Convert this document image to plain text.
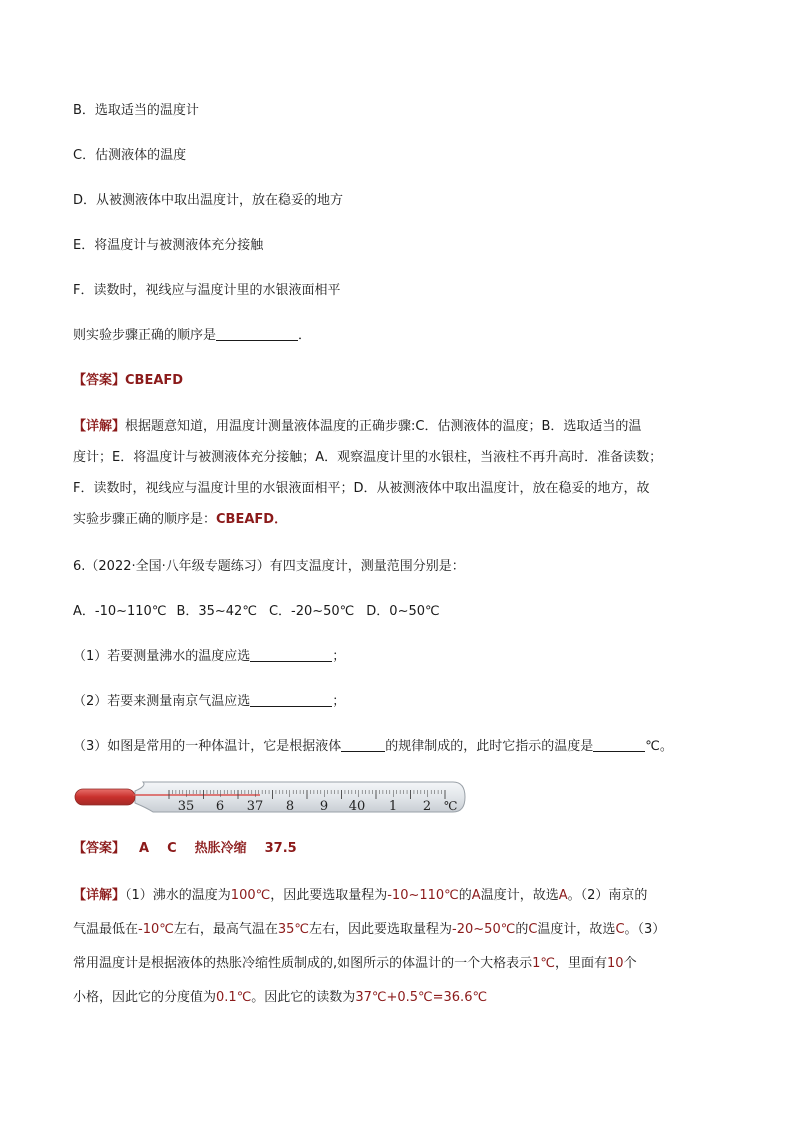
B．选取适当的温度计
C．估测液体的温度
D．从被测液体中取出温度计，放在稳妥的地方
E．将温度计与被测液体充分接触
F．读数时，视线应与温度计里的水银液面相平
则实验步骤正确的顺序是	．
【答案】CBEAFD

【详解】根据题意知道，用温度计测量液体温度的正确步骤:C．估测液体的温度；B．选取适当的温

度计；E．将温度计与被测液体充分接触；A．观察温度计里的水银柱，当液柱不再升高时．准备读数；

F．读数时，视线应与温度计里的水银液面相平；D．从被测液体中取出温度计，放在稳妥的地方，故

实验步骤正确的顺序是：CBEAFD．

6.（2022·全国·八年级专题练习）有四支温度计，测量范围分别是：
A．-10~110℃ B．35~42℃ C．-20~50℃ D．0~50℃
（1）若要测量沸水的温度应选	；
（2）若要来测量南京气温应选	；
（3）如图是常用的一种体温计，它是根据液体	的规律制成的，此时它指示的温度是	℃。
35 6 37 8 9 40 1 2 ℃
【答案】 A C 热胀冷缩 37.5

【详解】（1）沸水的温度为100℃，因此要选取量程为-10~110℃的A温度计，故选A。（2）南京的

气温最低在-10℃左右，最高气温在35℃左右，因此要选取量程为-20~50℃的C温度计，故选C。（3）

常用温度计是根据液体的热胀冷缩性质制成的,如图所示的体温计的一个大格表示1℃，里面有10个

小格，因此它的分度值为0.1℃。因此它的读数为37℃+0.5℃=36.6℃
